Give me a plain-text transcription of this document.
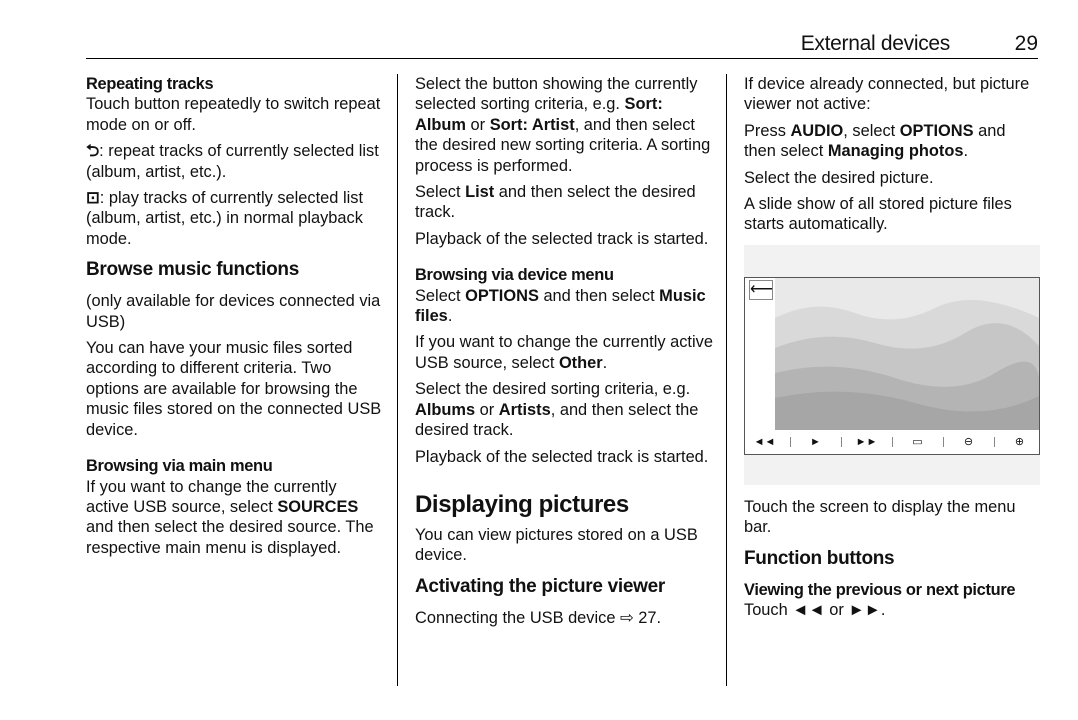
External devices	29

Repeating tracks

Touch button repeatedly to switch repeat mode on or off.

⮌: repeat tracks of currently selected list (album, artist, etc.).

⊡: play tracks of currently selected list (album, artist, etc.) in normal playback mode.

Browse music functions

(only available for devices connected via USB)

You can have your music files sorted according to different criteria. Two options are available for browsing the music files stored on the connected USB device.

Browsing via main menu

If you want to change the currently active USB source, select SOURCES and then select the desired source. The respective main menu is displayed.

Select the button showing the currently selected sorting criteria, e.g. Sort: Album or Sort: Artist, and then select the desired new sorting criteria. A sorting process is performed.

Select List and then select the desired track.

Playback of the selected track is started.

Browsing via device menu

Select OPTIONS and then select Music files.

If you want to change the currently active USB source, select Other.

Select the desired sorting criteria, e.g. Albums or Artists, and then select the desired track.

Playback of the selected track is started.

Displaying pictures

You can view pictures stored on a USB device.

Activating the picture viewer

Connecting the USB device ⇨ 27.

If device already connected, but picture viewer not active:

Press AUDIO, select OPTIONS and then select Managing photos.

Select the desired picture.

A slide show of all stored picture files starts automatically.

⟵
◄◄	►	►►	▭	⊖	⊕

Touch the screen to display the menu bar.

Function buttons

Viewing the previous or next picture

Touch ◄◄ or ►►.
